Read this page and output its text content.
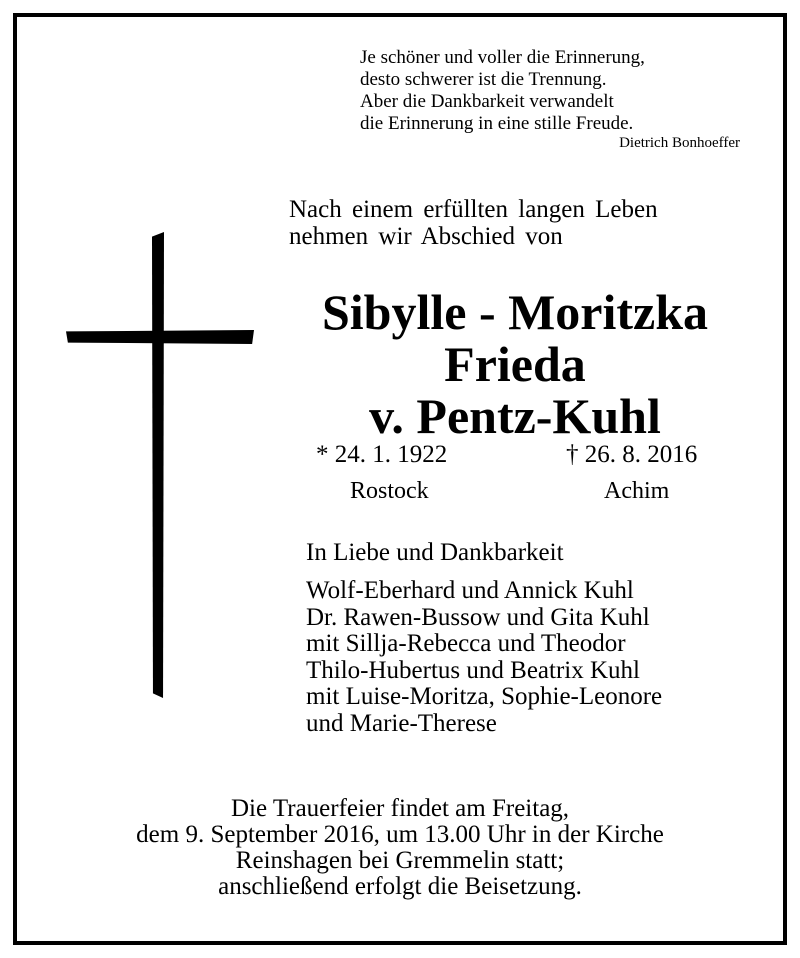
Je schöner und voller die Erinnerung,
desto schwerer ist die Trennung.
Aber die Dankbarkeit verwandelt
die Erinnerung in eine stille Freude.
Dietrich Bonhoeffer
Nach einem erfüllten langen Leben
nehmen wir Abschied von
Sibylle - Moritzka
Frieda
v. Pentz-Kuhl
* 24. 1. 1922	† 26. 8. 2016
Rostock	Achim
In Liebe und Dankbarkeit
Wolf-Eberhard und Annick Kuhl
Dr. Rawen-Bussow und Gita Kuhl
mit Sillja-Rebecca und Theodor
Thilo-Hubertus und Beatrix Kuhl
mit Luise-Moritza, Sophie-Leonore
und Marie-Therese
Die Trauerfeier findet am Freitag,
dem 9. September 2016, um 13.00 Uhr in der Kirche
Reinshagen bei Gremmelin statt;
anschließend erfolgt die Beisetzung.
